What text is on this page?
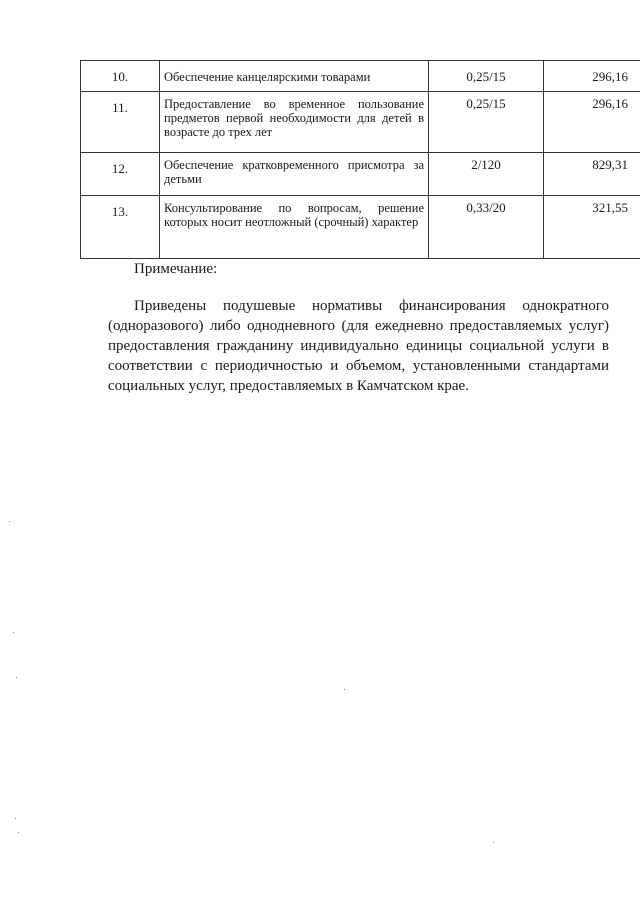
10.	Обеспечение канцелярскими товарами	0,25/15	296,16
11.	Предоставление во временное пользование предметов первой необходимости для детей в возрасте до трех лет	0,25/15	296,16
12.	Обеспечение кратковременного присмотра за детьми	2/120	829,31
13.	Консультирование по вопросам, решение которых носит неотложный (срочный) характер	0,33/20	321,55
Примечание:

Приведены подушевые нормативы финансирования однократного (одноразового) либо однодневного (для ежедневно предоставляемых услуг) предоставления гражданину индивидуально единицы социальной услуги в соответствии с периодичностью и объемом, установленными стандартами социальных услуг, предоставляемых в Камчатском крае.
